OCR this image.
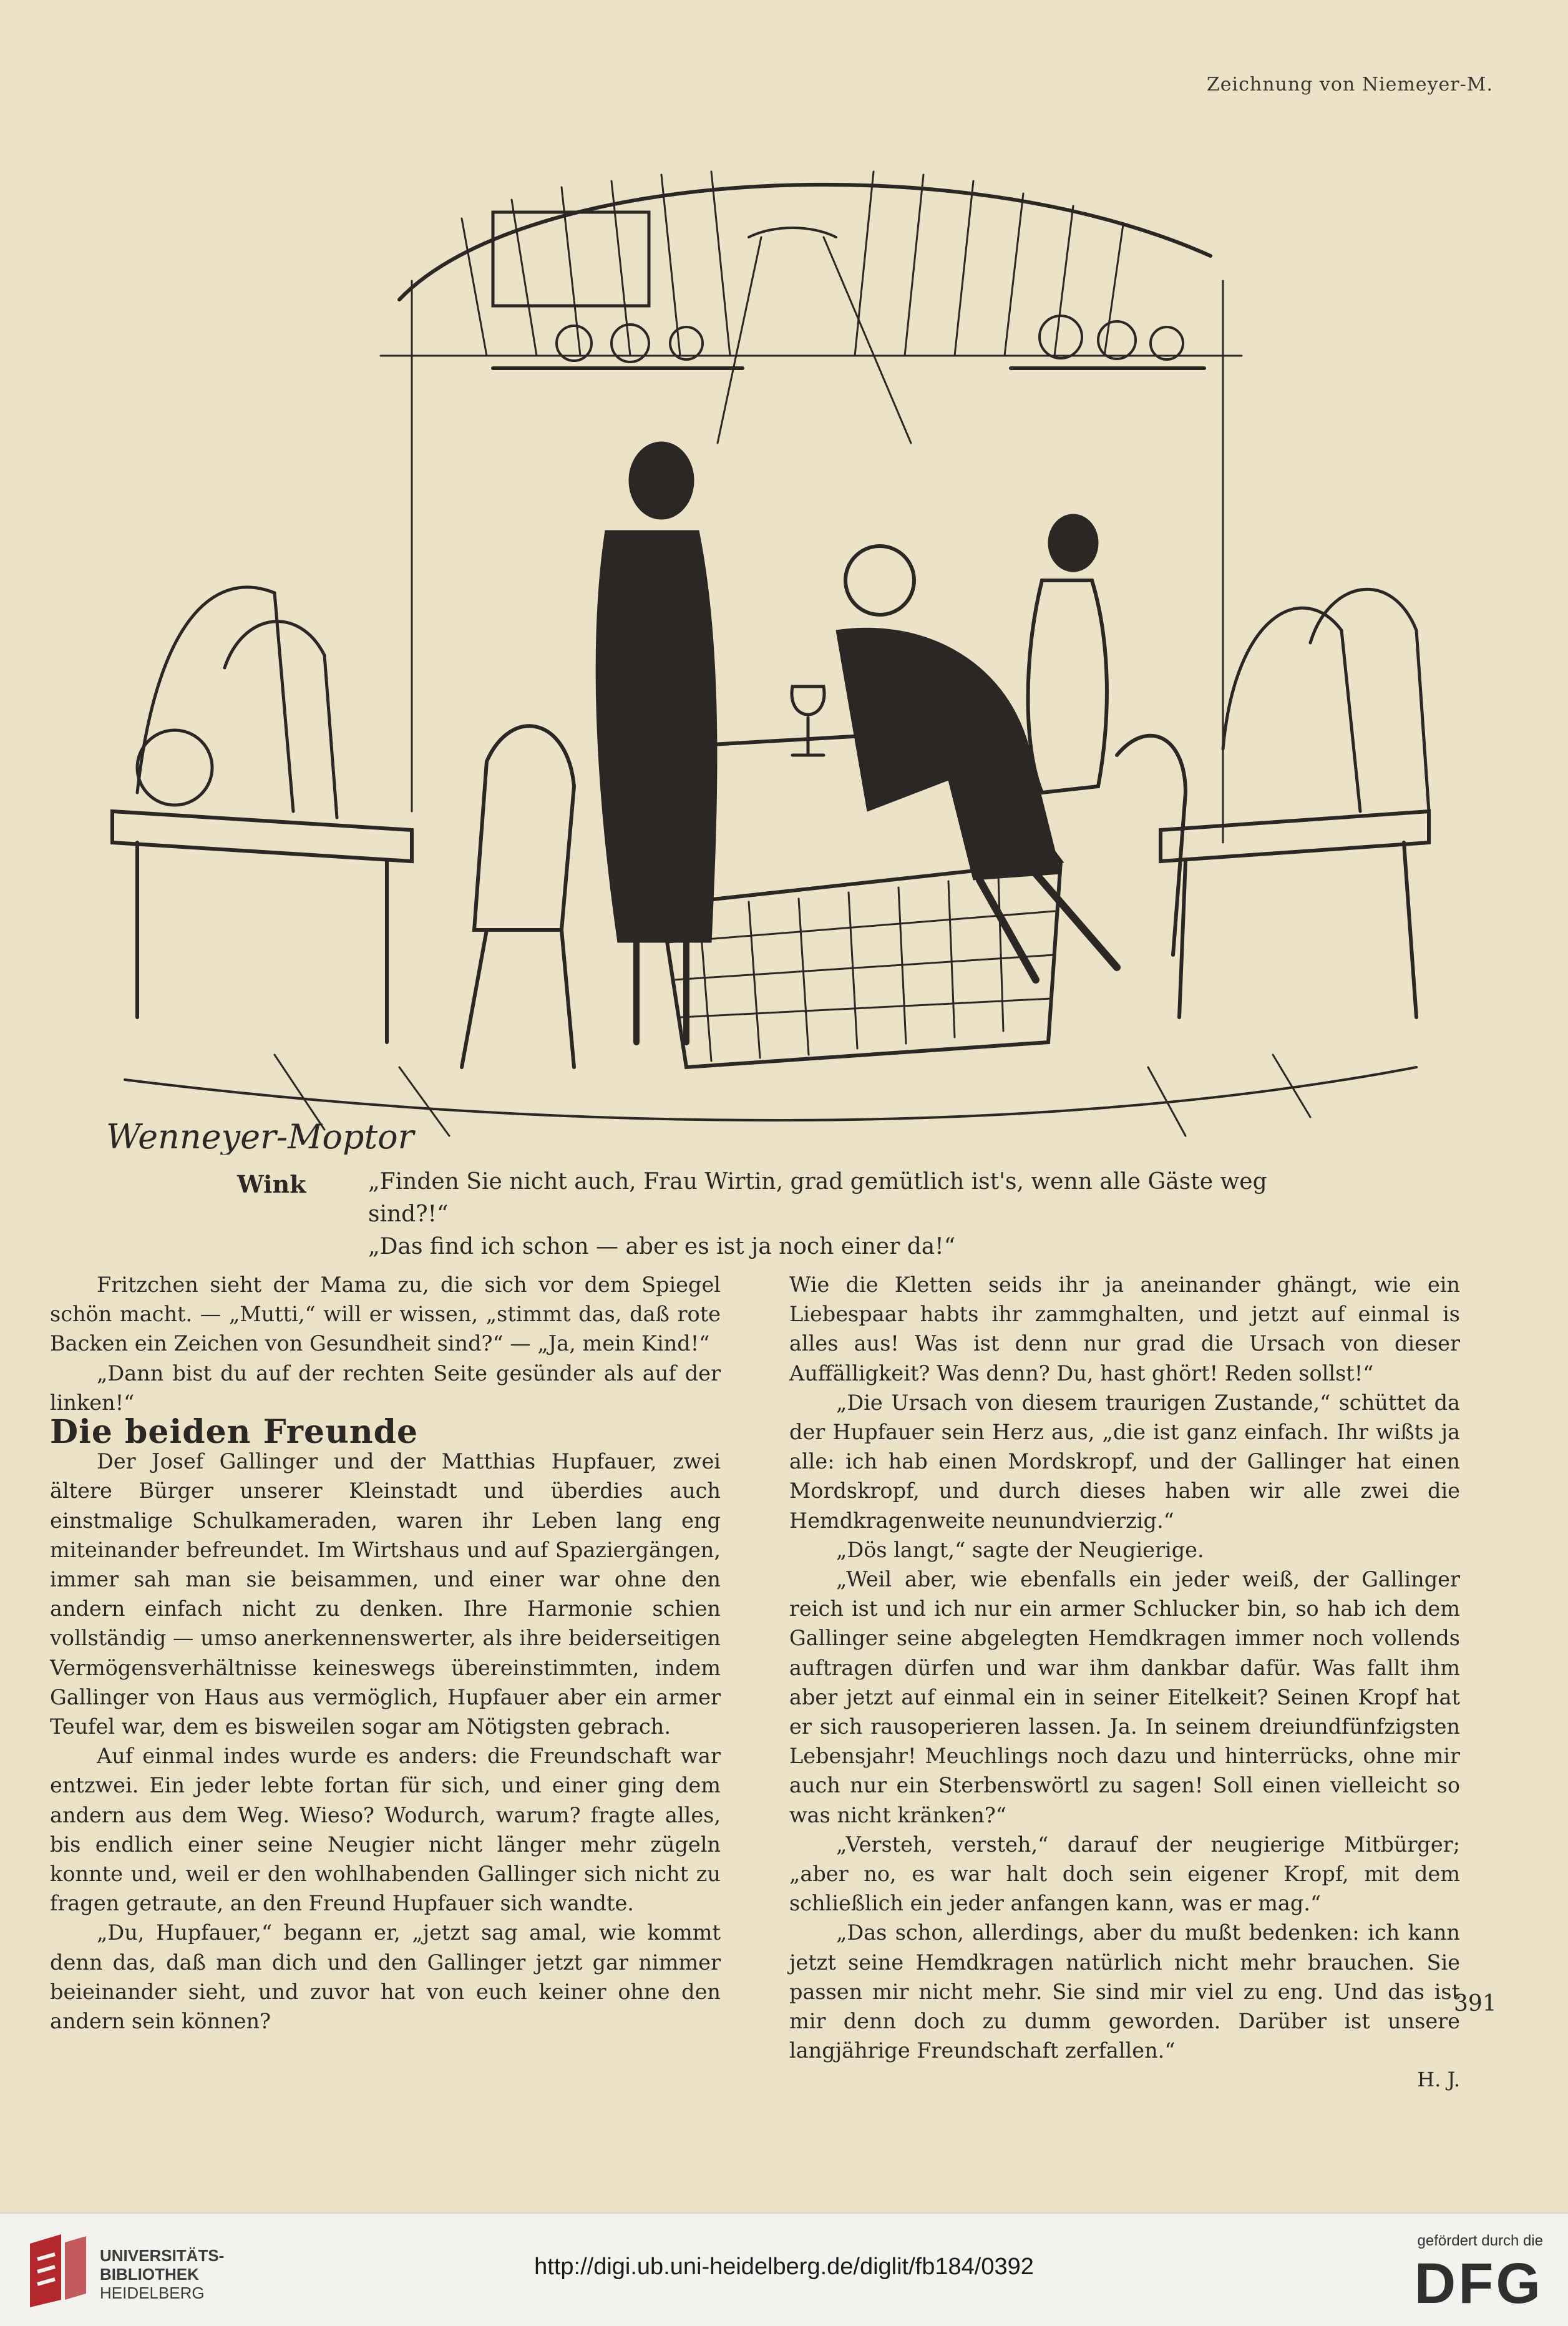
Zeichnung von Niemeyer-M.
Wenneyer-Moptor
Wink	„Finden Sie nicht auch, Frau Wirtin, grad gemütlich ist's, wenn alle Gäste weg sind?!“
„Das find ich schon — aber es ist ja noch einer da!“

Fritzchen sieht der Mama zu, die sich vor dem Spiegel schön macht. — „Mutti,“ will er wissen, „stimmt das, daß rote Backen ein Zeichen von Gesundheit sind?“ — „Ja, mein Kind!“

„Dann bist du auf der rechten Seite gesünder als auf der linken!“

Die beiden Freunde

Der Josef Gallinger und der Matthias Hupfauer, zwei ältere Bürger unserer Kleinstadt und überdies auch einstmalige Schulkameraden, waren ihr Leben lang eng miteinander befreundet. Im Wirtshaus und auf Spaziergängen, immer sah man sie beisammen, und einer war ohne den andern einfach nicht zu denken. Ihre Harmonie schien vollständig — umso anerkennenswerter, als ihre beiderseitigen Vermögensverhältnisse keineswegs übereinstimmten, indem Gallinger von Haus aus vermöglich, Hupfauer aber ein armer Teufel war, dem es bisweilen sogar am Nötigsten gebrach.

Auf einmal indes wurde es anders: die Freundschaft war entzwei. Ein jeder lebte fortan für sich, und einer ging dem andern aus dem Weg. Wieso? Wodurch, warum? fragte alles, bis endlich einer seine Neugier nicht länger mehr zügeln konnte und, weil er den wohlhabenden Gallinger sich nicht zu fragen getraute, an den Freund Hupfauer sich wandte.

„Du, Hupfauer,“ begann er, „jetzt sag amal, wie kommt denn das, daß man dich und den Gallinger jetzt gar nimmer beieinander sieht, und zuvor hat von euch keiner ohne den andern sein können?

Wie die Kletten seids ihr ja aneinander ghängt, wie ein Liebespaar habts ihr zammghalten, und jetzt auf einmal is alles aus! Was ist denn nur grad die Ursach von dieser Auffälligkeit? Was denn? Du, hast ghört! Reden sollst!“

„Die Ursach von diesem traurigen Zustande,“ schüttet da der Hupfauer sein Herz aus, „die ist ganz einfach. Ihr wißts ja alle: ich hab einen Mordskropf, und der Gallinger hat einen Mordskropf, und durch dieses haben wir alle zwei die Hemdkragenweite neunundvierzig.“

„Dös langt,“ sagte der Neugierige.

„Weil aber, wie ebenfalls ein jeder weiß, der Gallinger reich ist und ich nur ein armer Schlucker bin, so hab ich dem Gallinger seine abgelegten Hemdkragen immer noch vollends auftragen dürfen und war ihm dankbar dafür. Was fallt ihm aber jetzt auf einmal ein in seiner Eitelkeit? Seinen Kropf hat er sich rausoperieren lassen. Ja. In seinem dreiundfünfzigsten Lebensjahr! Meuchlings noch dazu und hinterrücks, ohne mir auch nur ein Sterbenswörtl zu sagen! Soll einen vielleicht so was nicht kränken?“

„Versteh, versteh,“ darauf der neugierige Mitbürger; „aber no, es war halt doch sein eigener Kropf, mit dem schließlich ein jeder anfangen kann, was er mag.“

„Das schon, allerdings, aber du mußt bedenken: ich kann jetzt seine Hemdkragen natürlich nicht mehr brauchen. Sie passen mir nicht mehr. Sie sind mir viel zu eng. Und das ist mir denn doch zu dumm geworden. Darüber ist unsere langjährige Freundschaft zerfallen.“

H. J.

391
UNIVERSITÄTS-
BIBLIOTHEK
HEIDELBERG
http://digi.ub.uni-heidelberg.de/diglit/fb184/0392
gefördert durch die
DFG
